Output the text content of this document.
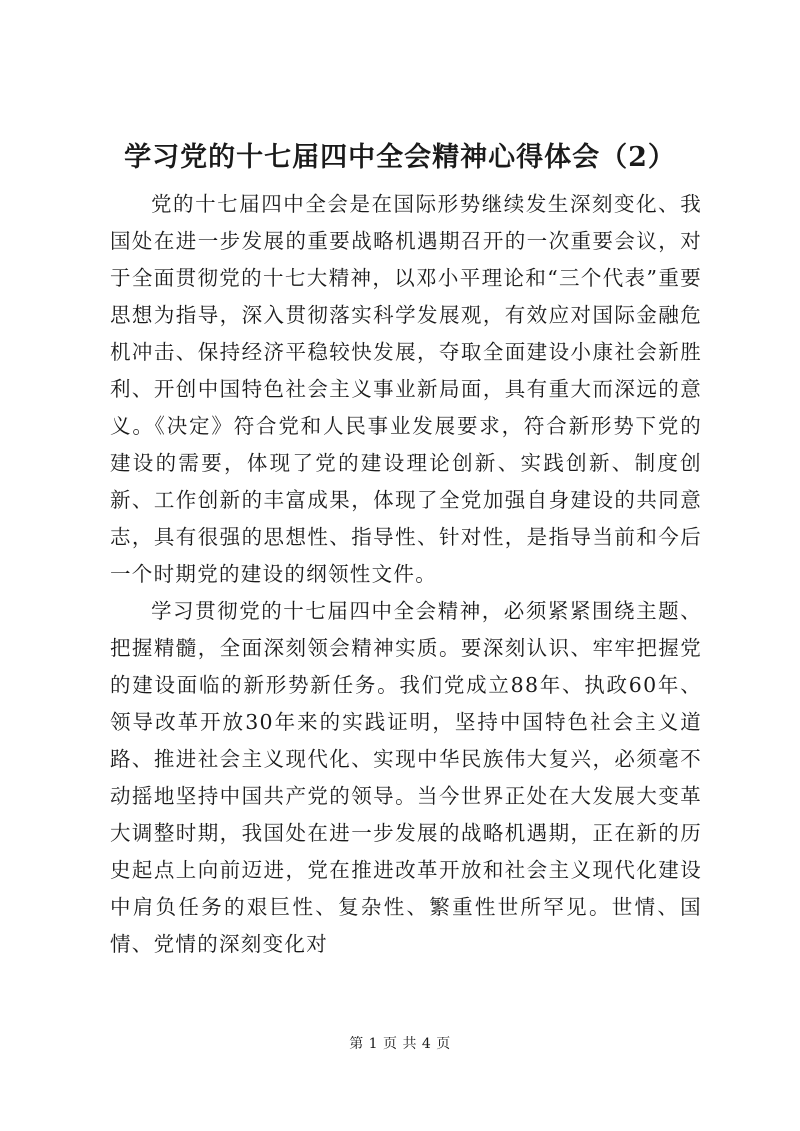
学习党的十七届四中全会精神心得体会（2）

党的十七届四中全会是在国际形势继续发生深刻变化、我国处在进一步发展的重要战略机遇期召开的一次重要会议，对于全面贯彻党的十七大精神，以邓小平理论和“三个代表”重要思想为指导，深入贯彻落实科学发展观，有效应对国际金融危机冲击、保持经济平稳较快发展，夺取全面建设小康社会新胜利、开创中国特色社会主义事业新局面，具有重大而深远的意义。《决定》符合党和人民事业发展要求，符合新形势下党的建设的需要，体现了党的建设理论创新、实践创新、制度创新、工作创新的丰富成果，体现了全党加强自身建设的共同意志，具有很强的思想性、指导性、针对性，是指导当前和今后一个时期党的建设的纲领性文件。

学习贯彻党的十七届四中全会精神，必须紧紧围绕主题、把握精髓，全面深刻领会精神实质。要深刻认识、牢牢把握党的建设面临的新形势新任务。我们党成立88年、执政60年、领导改革开放30年来的实践证明，坚持中国特色社会主义道路、推进社会主义现代化、实现中华民族伟大复兴，必须毫不动摇地坚持中国共产党的领导。当今世界正处在大发展大变革大调整时期，我国处在进一步发展的战略机遇期，正在新的历史起点上向前迈进，党在推进改革开放和社会主义现代化建设中肩负任务的艰巨性、复杂性、繁重性世所罕见。世情、国情、党情的深刻变化对

第 1 页 共 4 页
